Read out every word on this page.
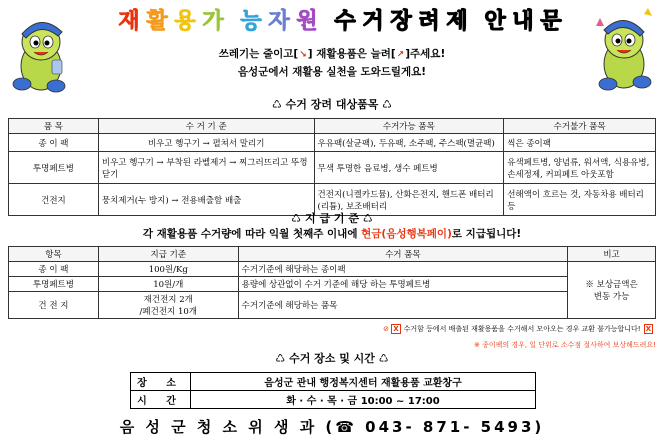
재 활 용 가 능 자 원 수 거 장 려 제 안 내 문
쓰레기는 줄이고[↘] 재활용품은 늘려[↗]주세요!
음성군에서 재활용 실천을 도와드릴게요!
♺ 수거 장려 대상품목 ♺
품 목	수 거 기 준	수거가능 품목	수거불가 품목
종 이 팩	비우고 헹구기 → 펼쳐서 말리기	우유팩(살균팩), 두유팩, 소주팩, 주스팩(멸균팩)	씩은 종이팩
투명페트병	비우고 헹구기 → 부착된 라벨제거 → 찌그러뜨리고 뚜껑 닫기	무색 투명한 음료병, 생수 페트병	유색페트병, 양념류, 워셔액, 식용유병, 손세정제, 커피페트 아웃포함
건전지	뭉치제거(누 방지) → 전용배출함 배출	건전지(니켈카드뮴), 산화은전지, 핸드폰 배터리(리튬), 보조배터리	선해액이 흐르는 것, 자동차용 배터리 등
♺ 지 급 기 준 ♺
각 재활용품 수거량에 따라 익월 첫째주 이내에 현금(음성행복페이)로 지급됩니다!
항목	지급 기준	수거 품목	비고
종 이 팩	100원/Kg	수거기준에 해당하는 종이팩	※ 보상금액은
변동 가능

투명페트병	10원/개	용량에 상관없이 수거 기준에 해당 하는 투명페트병	
건 전 지	재건전지 2개
/폐건전지 10개	수거기준에 해당하는 품목	
⊘ X 수거함 등에서 배출된 재활용품을 수거해서 모아오는 경우 교환 불가능합니다! X
※ 종이팩의 경우, 일 단위로 소수점 절사하여 보상해드려요!
♺ 수거 장소 및 시간 ♺
장 소	음성군 관내 행정복지센터 재활용품 교환창구
시 간	화 · 수 · 목 · 금 10:00 ~ 17:00
음 성 군 청 소 위 생 과 (☎ 043- 871- 5493)
